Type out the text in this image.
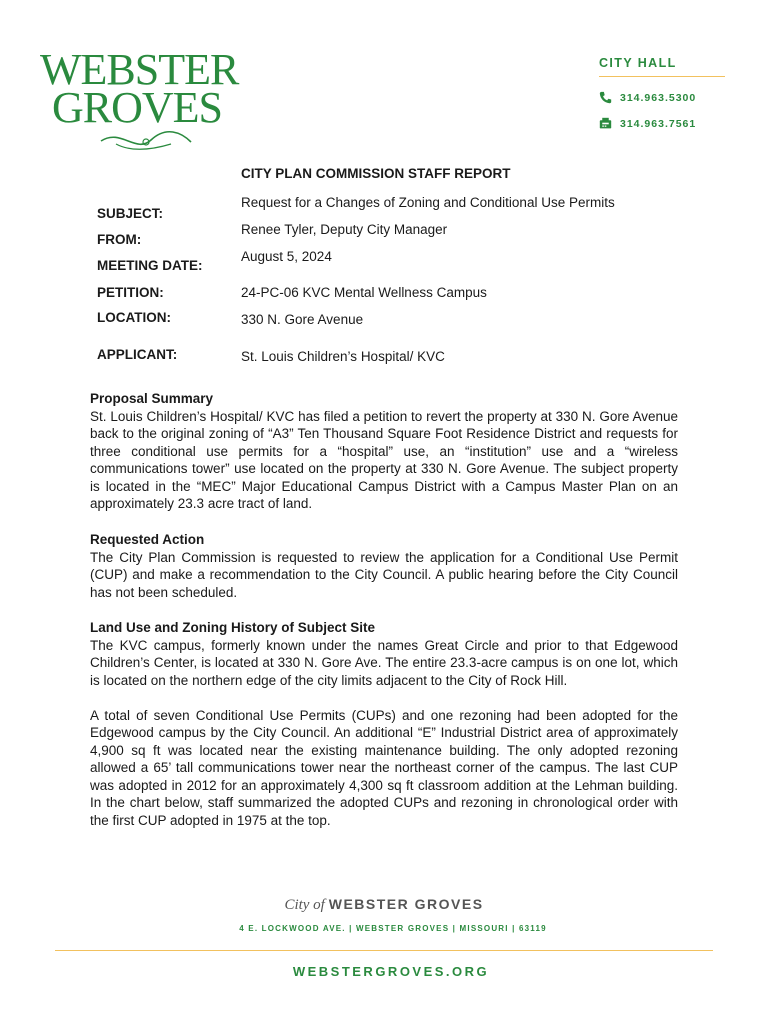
WEBSTER
GROVES
CITY HALL
314.963.5300
314.963.7561
CITY PLAN COMMISSION STAFF REPORT
SUBJECT:
Request for a Changes of Zoning and Conditional Use Permits
FROM:
Renee Tyler, Deputy City Manager
MEETING DATE:
August 5, 2024
PETITION:	24-PC-06 KVC Mental Wellness Campus
LOCATION:	330 N. Gore Avenue
APPLICANT:	St. Louis Children’s Hospital/ KVC
Proposal Summary

St. Louis Children’s Hospital/ KVC has filed a petition to revert the property at 330 N. Gore Avenue back to the original zoning of “A3” Ten Thousand Square Foot Residence District and requests for three conditional use permits for a “hospital” use, an “institution” use and a “wireless communications tower” use located on the property at 330 N. Gore Avenue. The subject property is located in the “MEC” Major Educational Campus District with a Campus Master Plan on an approximately 23.3 acre tract of land.

Requested Action

The City Plan Commission is requested to review the application for a Conditional Use Permit (CUP) and make a recommendation to the City Council. A public hearing before the City Council has not been scheduled.

Land Use and Zoning History of Subject Site

The KVC campus, formerly known under the names Great Circle and prior to that Edgewood Children’s Center, is located at 330 N. Gore Ave. The entire 23.3-acre campus is on one lot, which is located on the northern edge of the city limits adjacent to the City of Rock Hill.

A total of seven Conditional Use Permits (CUPs) and one rezoning had been adopted for the Edgewood campus by the City Council. An additional “E” Industrial District area of approximately 4,900 sq ft was located near the existing maintenance building. The only adopted rezoning allowed a 65’ tall communications tower near the northeast corner of the campus. The last CUP was adopted in 2012 for an approximately 4,300 sq ft classroom addition at the Lehman building. In the chart below, staff summarized the adopted CUPs and rezoning in chronological order with the first CUP adopted in 1975 at the top.

City of WEBSTER GROVES
4 E. LOCKWOOD AVE. | WEBSTER GROVES | MISSOURI | 63119
WEBSTERGROVES.ORG
